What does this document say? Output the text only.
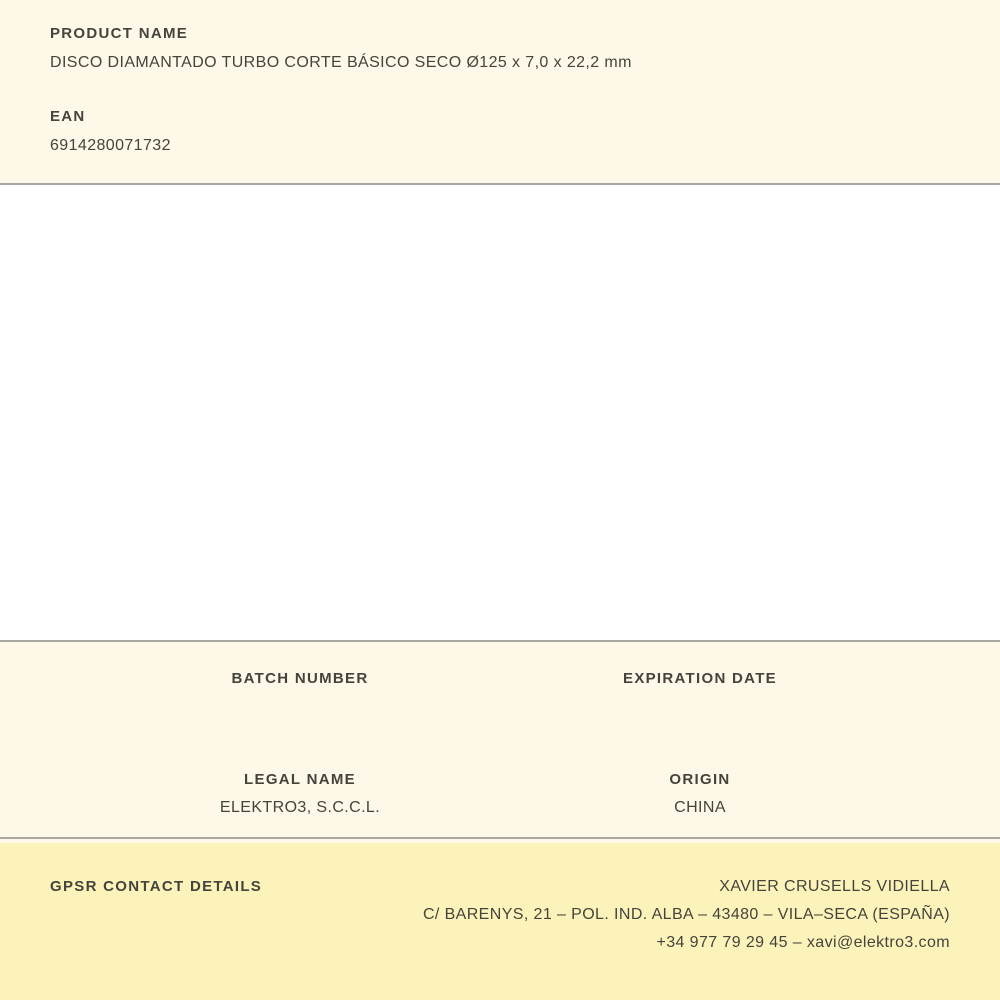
PRODUCT NAME
DISCO DIAMANTADO TURBO CORTE BÁSICO SECO Ø125 x 7,0 x 22,2 mm
EAN
6914280071732
BATCH NUMBER	EXPIRATION DATE
LEGAL NAME
ELEKTRO3, S.C.C.L.
ORIGIN
CHINA
GPSR CONTACT DETAILS	XAVIER CRUSELLS VIDIELLA
C/ BARENYS, 21 – POL. IND. ALBA – 43480 – VILA–SECA (ESPAÑA)
+34 977 79 29 45 – xavi@elektro3.com
